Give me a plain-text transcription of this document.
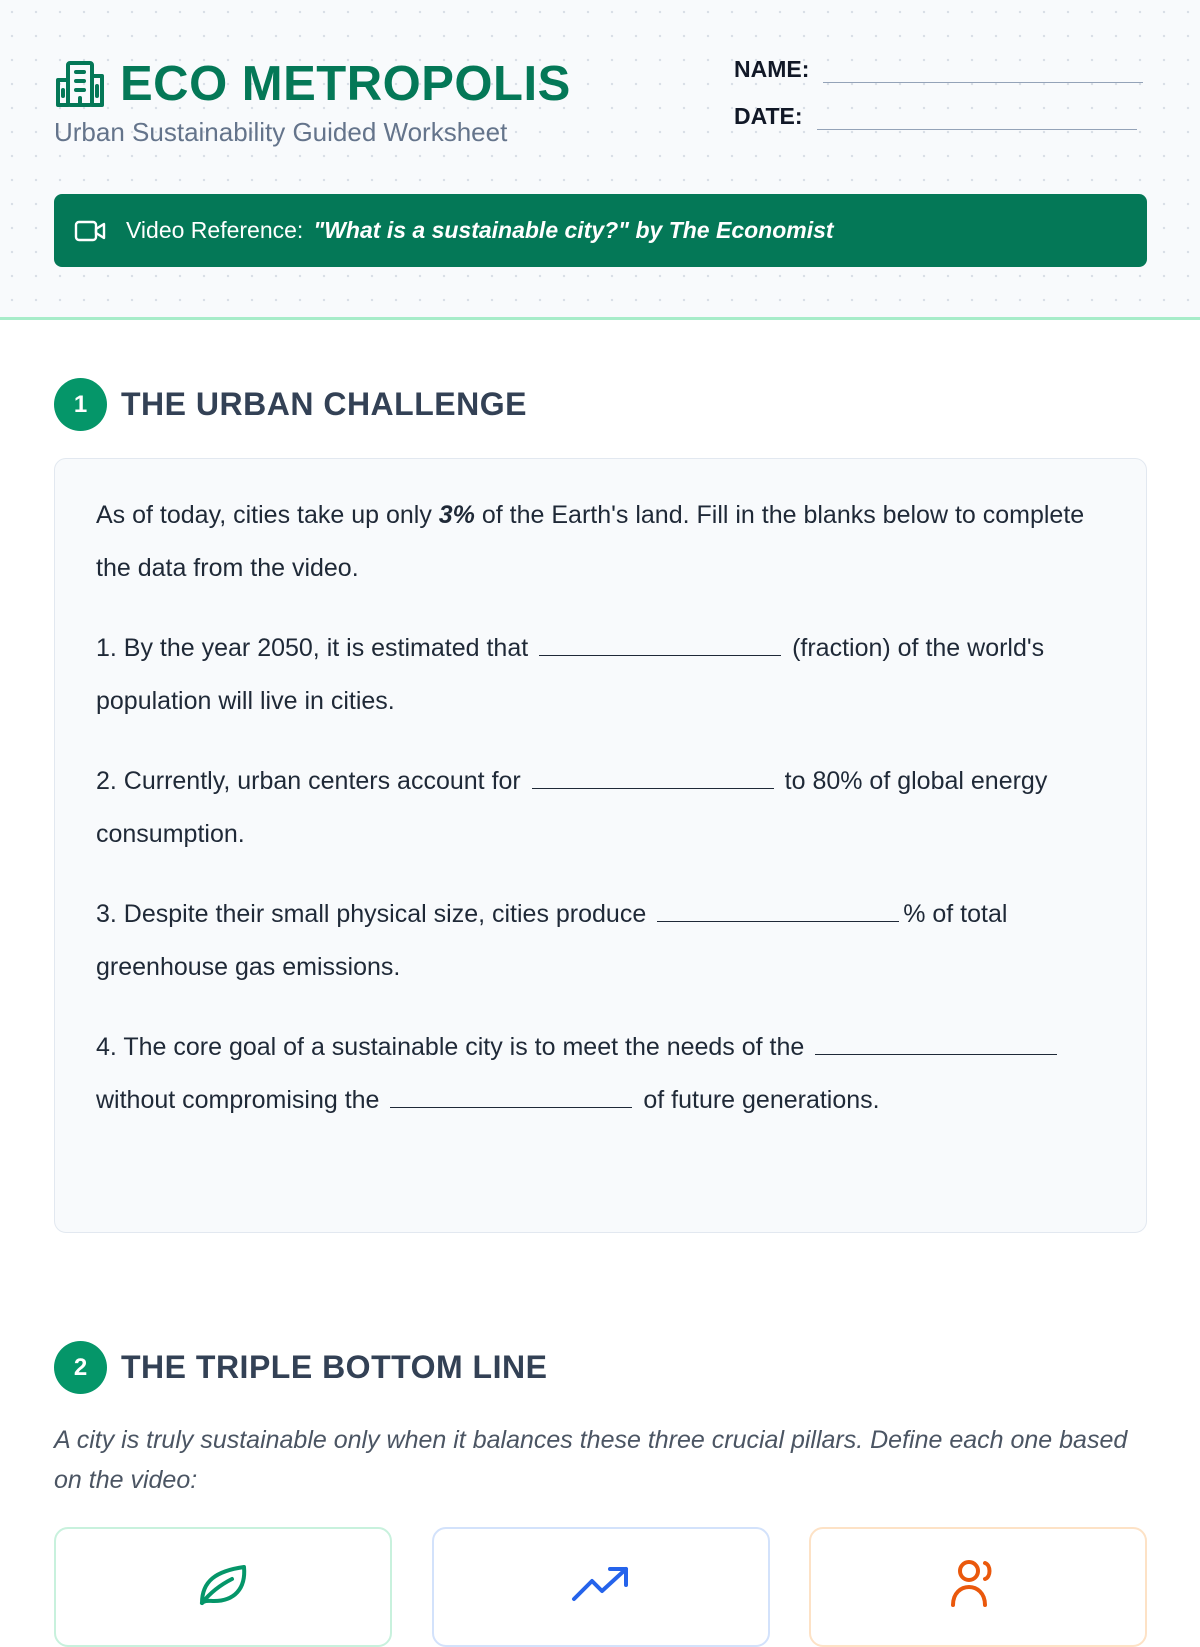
ECO METROPOLIS
Urban Sustainability Guided Worksheet
NAME:
DATE:
Video Reference: "What is a sustainable city?" by The Economist
1	THE URBAN CHALLENGE

As of today, cities take up only 3% of the Earth's land. Fill in the blanks below to complete the data from the video.

1. By the year 2050, it is estimated that	(fraction) of the world's population will live in cities.

2. Currently, urban centers account for	to 80% of global energy consumption.

3. Despite their small physical size, cities produce	% of total greenhouse gas emissions.

4. The core goal of a sustainable city is to meet the needs of the  without compromising the	of future generations.

2	THE TRIPLE BOTTOM LINE
A city is truly sustainable only when it balances these three crucial pillars. Define each one based on the video:
